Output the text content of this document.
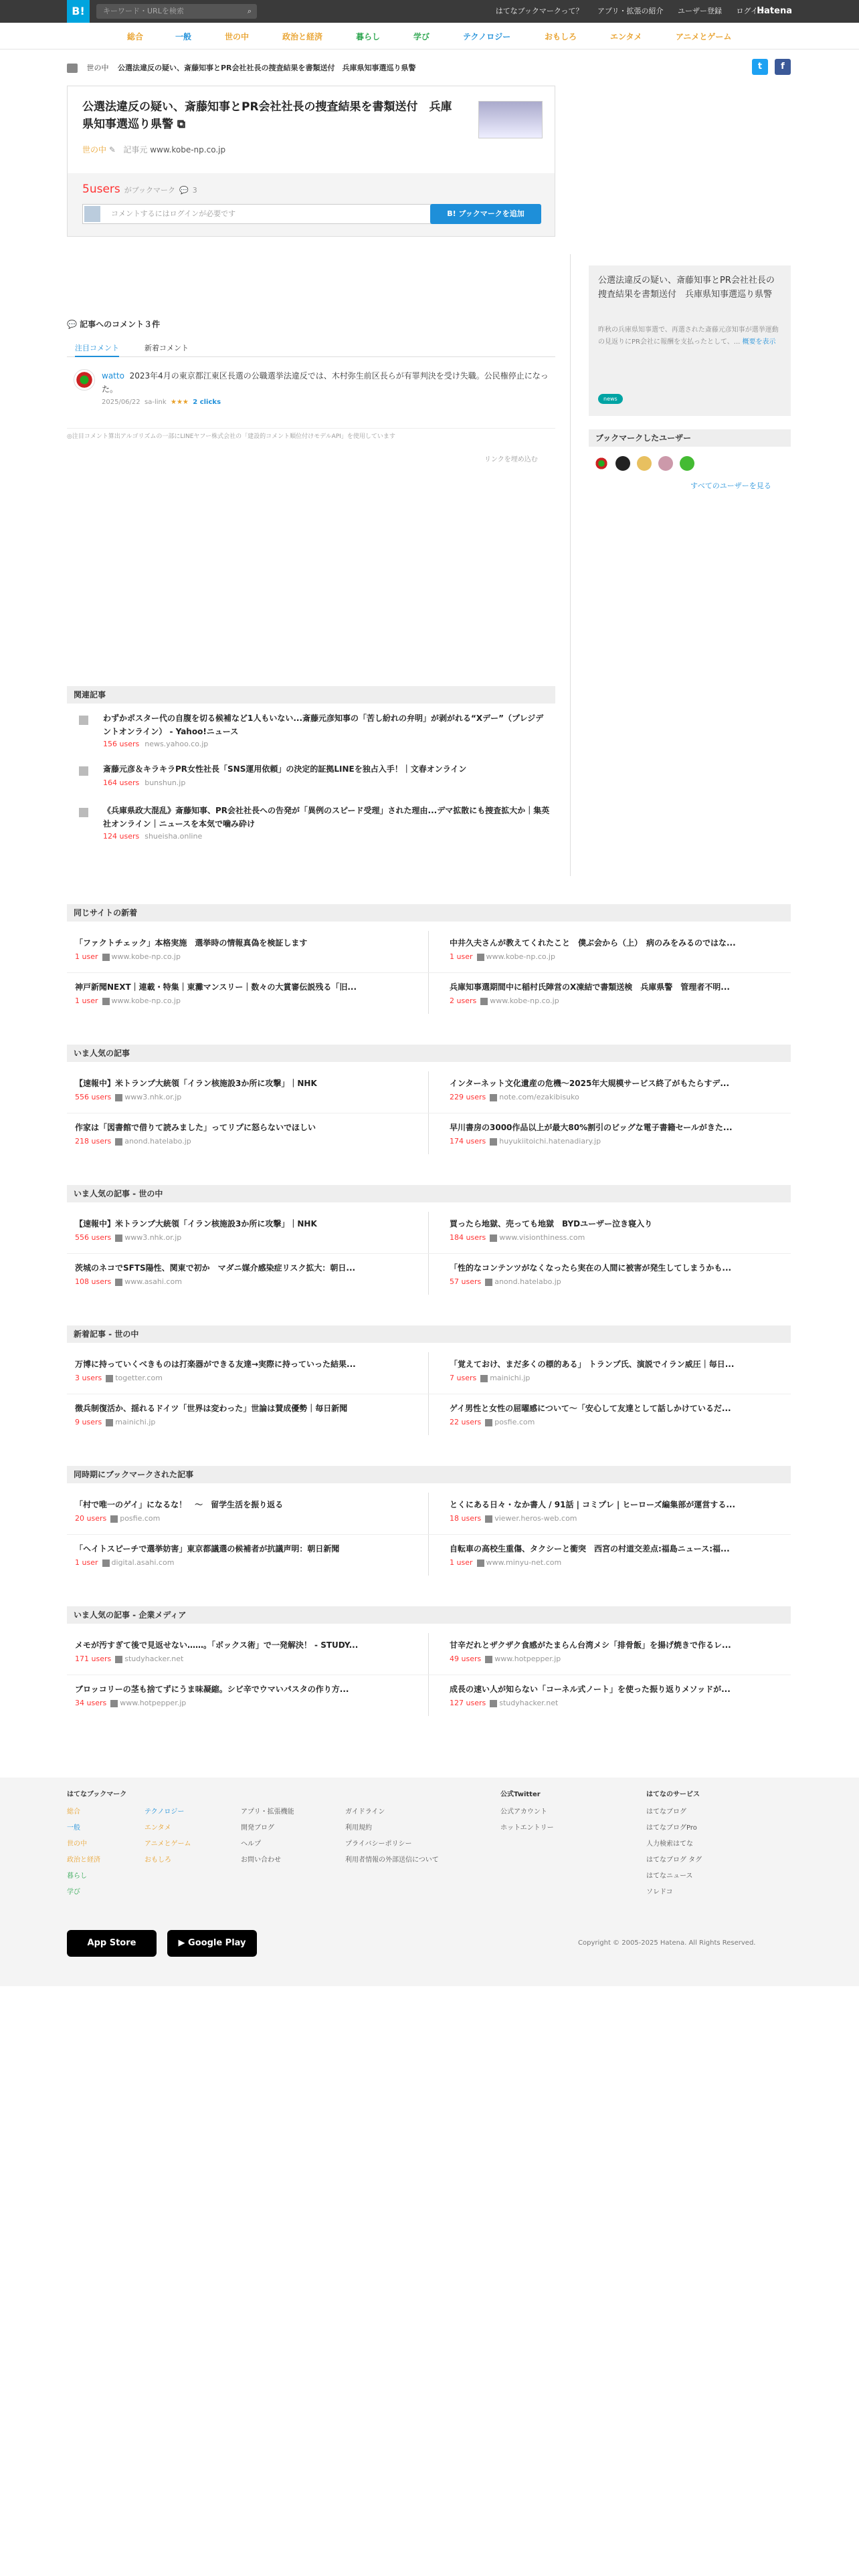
B!	キーワード・URLを検索	⌕	はてなブックマークって？ アプリ・拡張の紹介 ユーザー登録 ログイン
Hatena
総合	一般	世の中	政治と経済	暮らし	学び	テクノロジー	おもしろ	エンタメ	アニメとゲーム
世の中 公選法違反の疑い、斎藤知事とPR会社社長の捜査結果を書類送付　兵庫県知事選巡り県警	t	f
公選法違反の疑い、斎藤知事とPR会社社長の捜査結果を書類送付　兵庫県知事選巡り県警 ⧉
世の中 ✎ 記事元 www.kobe-np.co.jp
5users がブックマーク 💬 3
コメントするにはログインが必要です	B! ブックマークを追加
公選法違反の疑い、斎藤知事とPR会社社長の捜査結果を書類送付　兵庫県知事選巡り県警
昨秋の兵庫県知事選で、再選された斎藤元彦知事が選挙運動の見返りにPR会社に報酬を支払ったとして、... 概要を表示
news
ブックマークしたユーザー
すべてのユーザーを見る
💬 記事へのコメント３件
注目コメント	新着コメント
watto 2023年4月の東京都江東区長選の公職選挙法違反では、木村弥生前区長らが有罪判決を受け失職。公民権停止になった。
2025/06/22 sa-link ★★★ 2 clicks
◎注目コメント算出アルゴリズムの一部にLINEヤフー株式会社の「建設的コメント順位付けモデルAPI」を使用しています
リンクを埋め込む
関連記事
わずかポスター代の自腹を切る候補など1人もいない...斎藤元彦知事の「苦し紛れの弁明」が剥がれる“Xデー”（プレジデントオンライン） - Yahoo!ニュース
156 users news.yahoo.co.jp
斎藤元彦＆キラキラPR女性社長「SNS運用依頼」の決定的証拠LINEを独占入手！｜文春オンライン
164 users bunshun.jp
《兵庫県政大混乱》斎藤知事、PR会社社長への告発が「異例のスピード受理」された理由...デマ拡散にも捜査拡大か｜集英社オンライン｜ニュースを本気で噛み砕け
124 users shueisha.online
同じサイトの新着
「ファクトチェック」本格実施　選挙時の情報真偽を検証します
1 user www.kobe-np.co.jp
中井久夫さんが教えてくれたこと　僕ぶ会から（上）　病のみをみるのではな...
1 user www.kobe-np.co.jp
神戸新聞NEXT｜連載・特集｜東灘マンスリー｜数々の大賞審伝説残る「旧...
1 user www.kobe-np.co.jp
兵庫知事選期間中に稲村氏陣営のX凍結で書類送検　兵庫県警　管理者不明...
2 users www.kobe-np.co.jp
いま人気の記事
【速報中】米トランプ大統領「イラン核施設3か所に攻撃」｜NHK
556 users www3.nhk.or.jp
インターネット文化遺産の危機〜2025年大規模サービス終了がもたらすデ...
229 users note.com/ezakibisuko
作家は「図書館で借りて読みました」ってリプに怒らないでほしい
218 users anond.hatelabo.jp
早川書房の3000作品以上が最大80%割引のビッグな電子書籍セールがきた...
174 users huyukiitoichi.hatenadiary.jp
いま人気の記事 - 世の中
【速報中】米トランプ大統領「イラン核施設3か所に攻撃」｜NHK
556 users www3.nhk.or.jp
買ったら地獄、売っても地獄　BYDユーザー泣き寝入り
184 users www.visionthiness.com
茨城のネコでSFTS陽性、関東で初か　マダニ媒介感染症リスク拡大：朝日...
108 users www.asahi.com
「性的なコンテンツがなくなったら実在の人間に被害が発生してしまうかも...
57 users anond.hatelabo.jp
新着記事 - 世の中
万博に持っていくべきものは打楽器ができる友達→実際に持っていった結果...
3 users togetter.com
「覚えておけ、まだ多くの標的ある」 トランプ氏、演説でイラン威圧｜毎日...
7 users mainichi.jp
徴兵制復活か、揺れるドイツ「世界は変わった」世論は賛成優勢｜毎日新聞
9 users mainichi.jp
ゲイ男性と女性の屈曜感について〜「安心して友達として話しかけているだ...
22 users posfie.com
同時期にブックマークされた記事
「村で唯一のゲイ」になるな！　〜　留学生活を振り返る
20 users posfie.com
とくにある日々・なか書人 / 91話 | コミプレ | ヒーローズ編集部が運営する...
18 users viewer.heros-web.com
「ヘイトスピーチで選挙妨害」東京都議選の候補者が抗議声明：朝日新聞
1 user digital.asahi.com
自転車の高校生重傷、タクシーと衝突　西宮の村道交差点:福島ニュース:福...
1 user www.minyu-net.com
いま人気の記事 - 企業メディア
メモが汚すぎて後で見返せない……。「ボックス術」で一発解決！ - STUDY...
171 users studyhacker.net
甘辛だれとザクザク食感がたまらん台湾メシ「排骨飯」を揚げ焼きで作るレ...
49 users www.hotpepper.jp
ブロッコリーの茎も捨てずにうま味凝縮。シビ辛でウマいパスタの作り方...
34 users www.hotpepper.jp
成長の速い人が知らない「コーネル式ノート」を使った振り返りメソッドが...
127 users studyhacker.net
はてなブックマーク
総合
一般
世の中
政治と経済
暮らし
学び
テクノロジー
エンタメ
アニメとゲーム
おもしろ
アプリ・拡張機能
開発ブログ
ヘルプ
お問い合わせ
ガイドライン
利用規約
プライバシーポリシー
利用者情報の外部送信について
公式Twitter
公式アカウント
ホットエントリー
はてなのサービス
はてなブログ
はてなブログPro
人力検索はてな
はてなブログ タグ
はてなニュース
ソレドコ
App Store	▶ Google Play	Copyright © 2005-2025 Hatena. All Rights Reserved.
